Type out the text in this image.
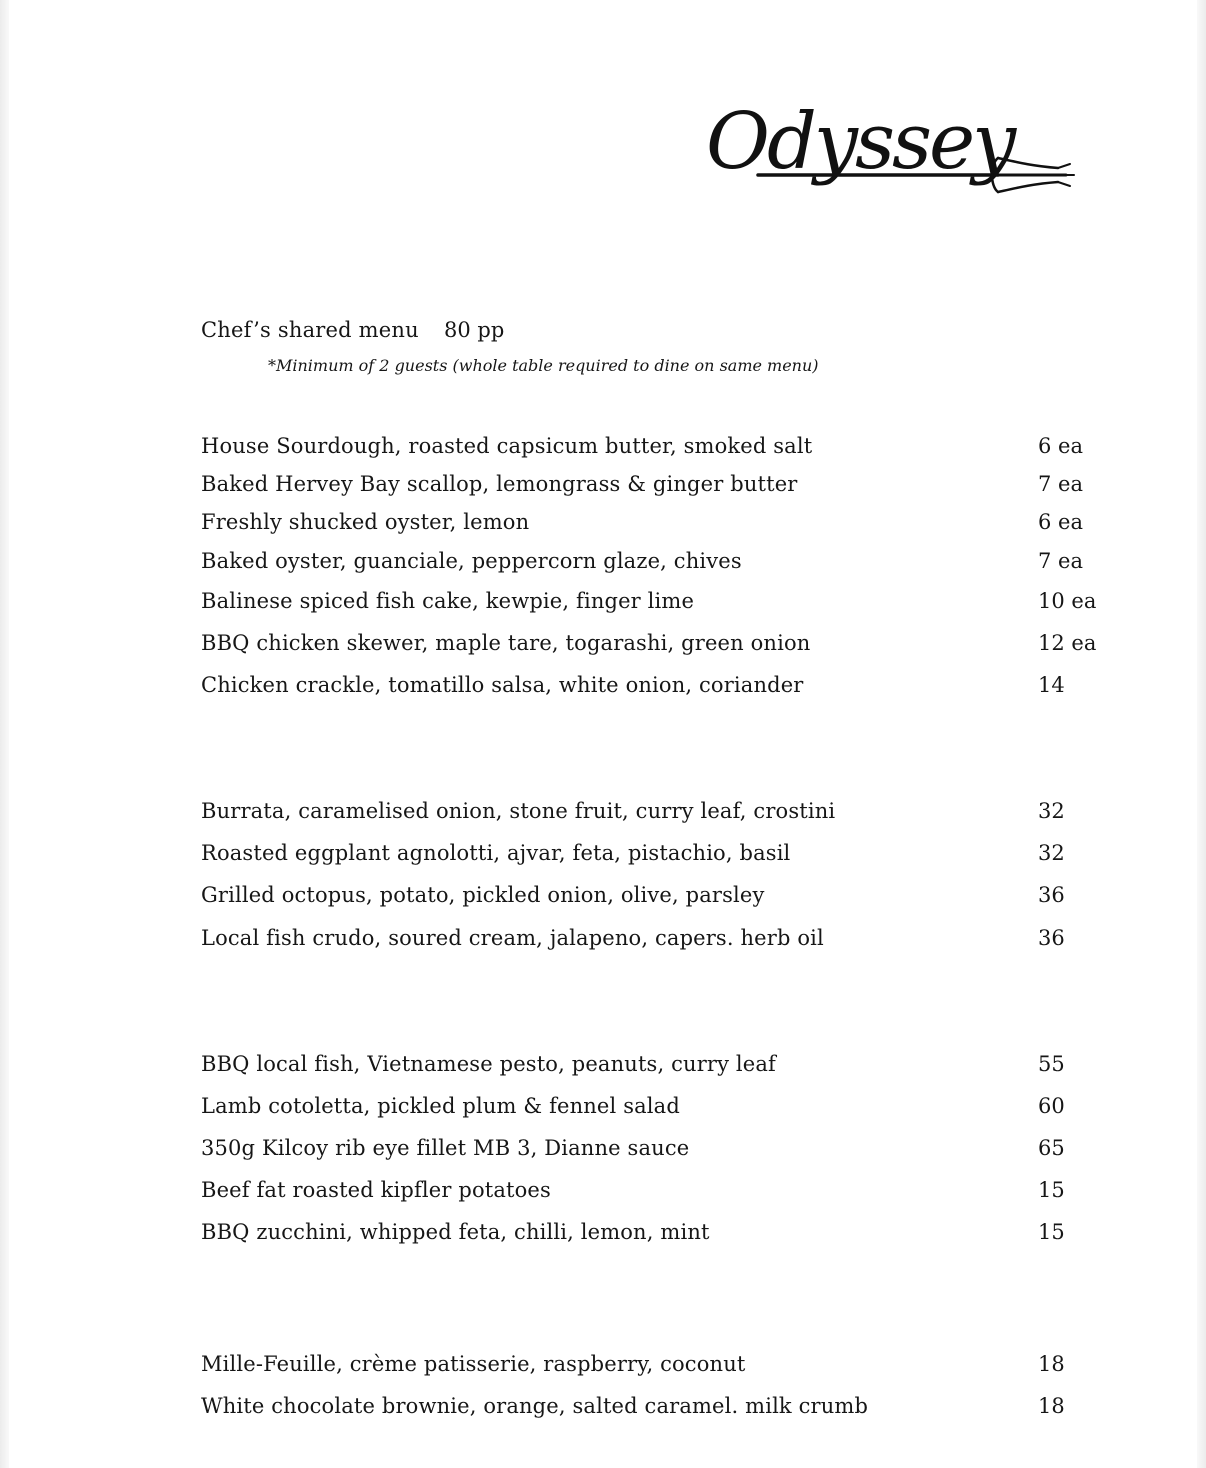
Odyssey
Chef’s shared menu 80 pp
*Minimum of 2 guests (whole table required to dine on same menu)
House Sourdough, roasted capsicum butter, smoked salt	6 ea
Baked Hervey Bay scallop, lemongrass & ginger butter	7 ea
Freshly shucked oyster, lemon	6 ea
Baked oyster, guanciale, peppercorn glaze, chives	7 ea
Balinese spiced fish cake, kewpie, finger lime	10 ea
BBQ chicken skewer, maple tare, togarashi, green onion	12 ea
Chicken crackle, tomatillo salsa, white onion, coriander	14
Burrata, caramelised onion, stone fruit, curry leaf, crostini	32
Roasted eggplant agnolotti, ajvar, feta, pistachio, basil	32
Grilled octopus, potato, pickled onion, olive, parsley	36
Local fish crudo, soured cream, jalapeno, capers. herb oil	36
BBQ local fish, Vietnamese pesto, peanuts, curry leaf	55
Lamb cotoletta, pickled plum & fennel salad	60
350g Kilcoy rib eye fillet MB 3, Dianne sauce	65
Beef fat roasted kipfler potatoes	15
BBQ zucchini, whipped feta, chilli, lemon, mint	15
Mille-Feuille, crème patisserie, raspberry, coconut	18
White chocolate brownie, orange, salted caramel. milk crumb	18
